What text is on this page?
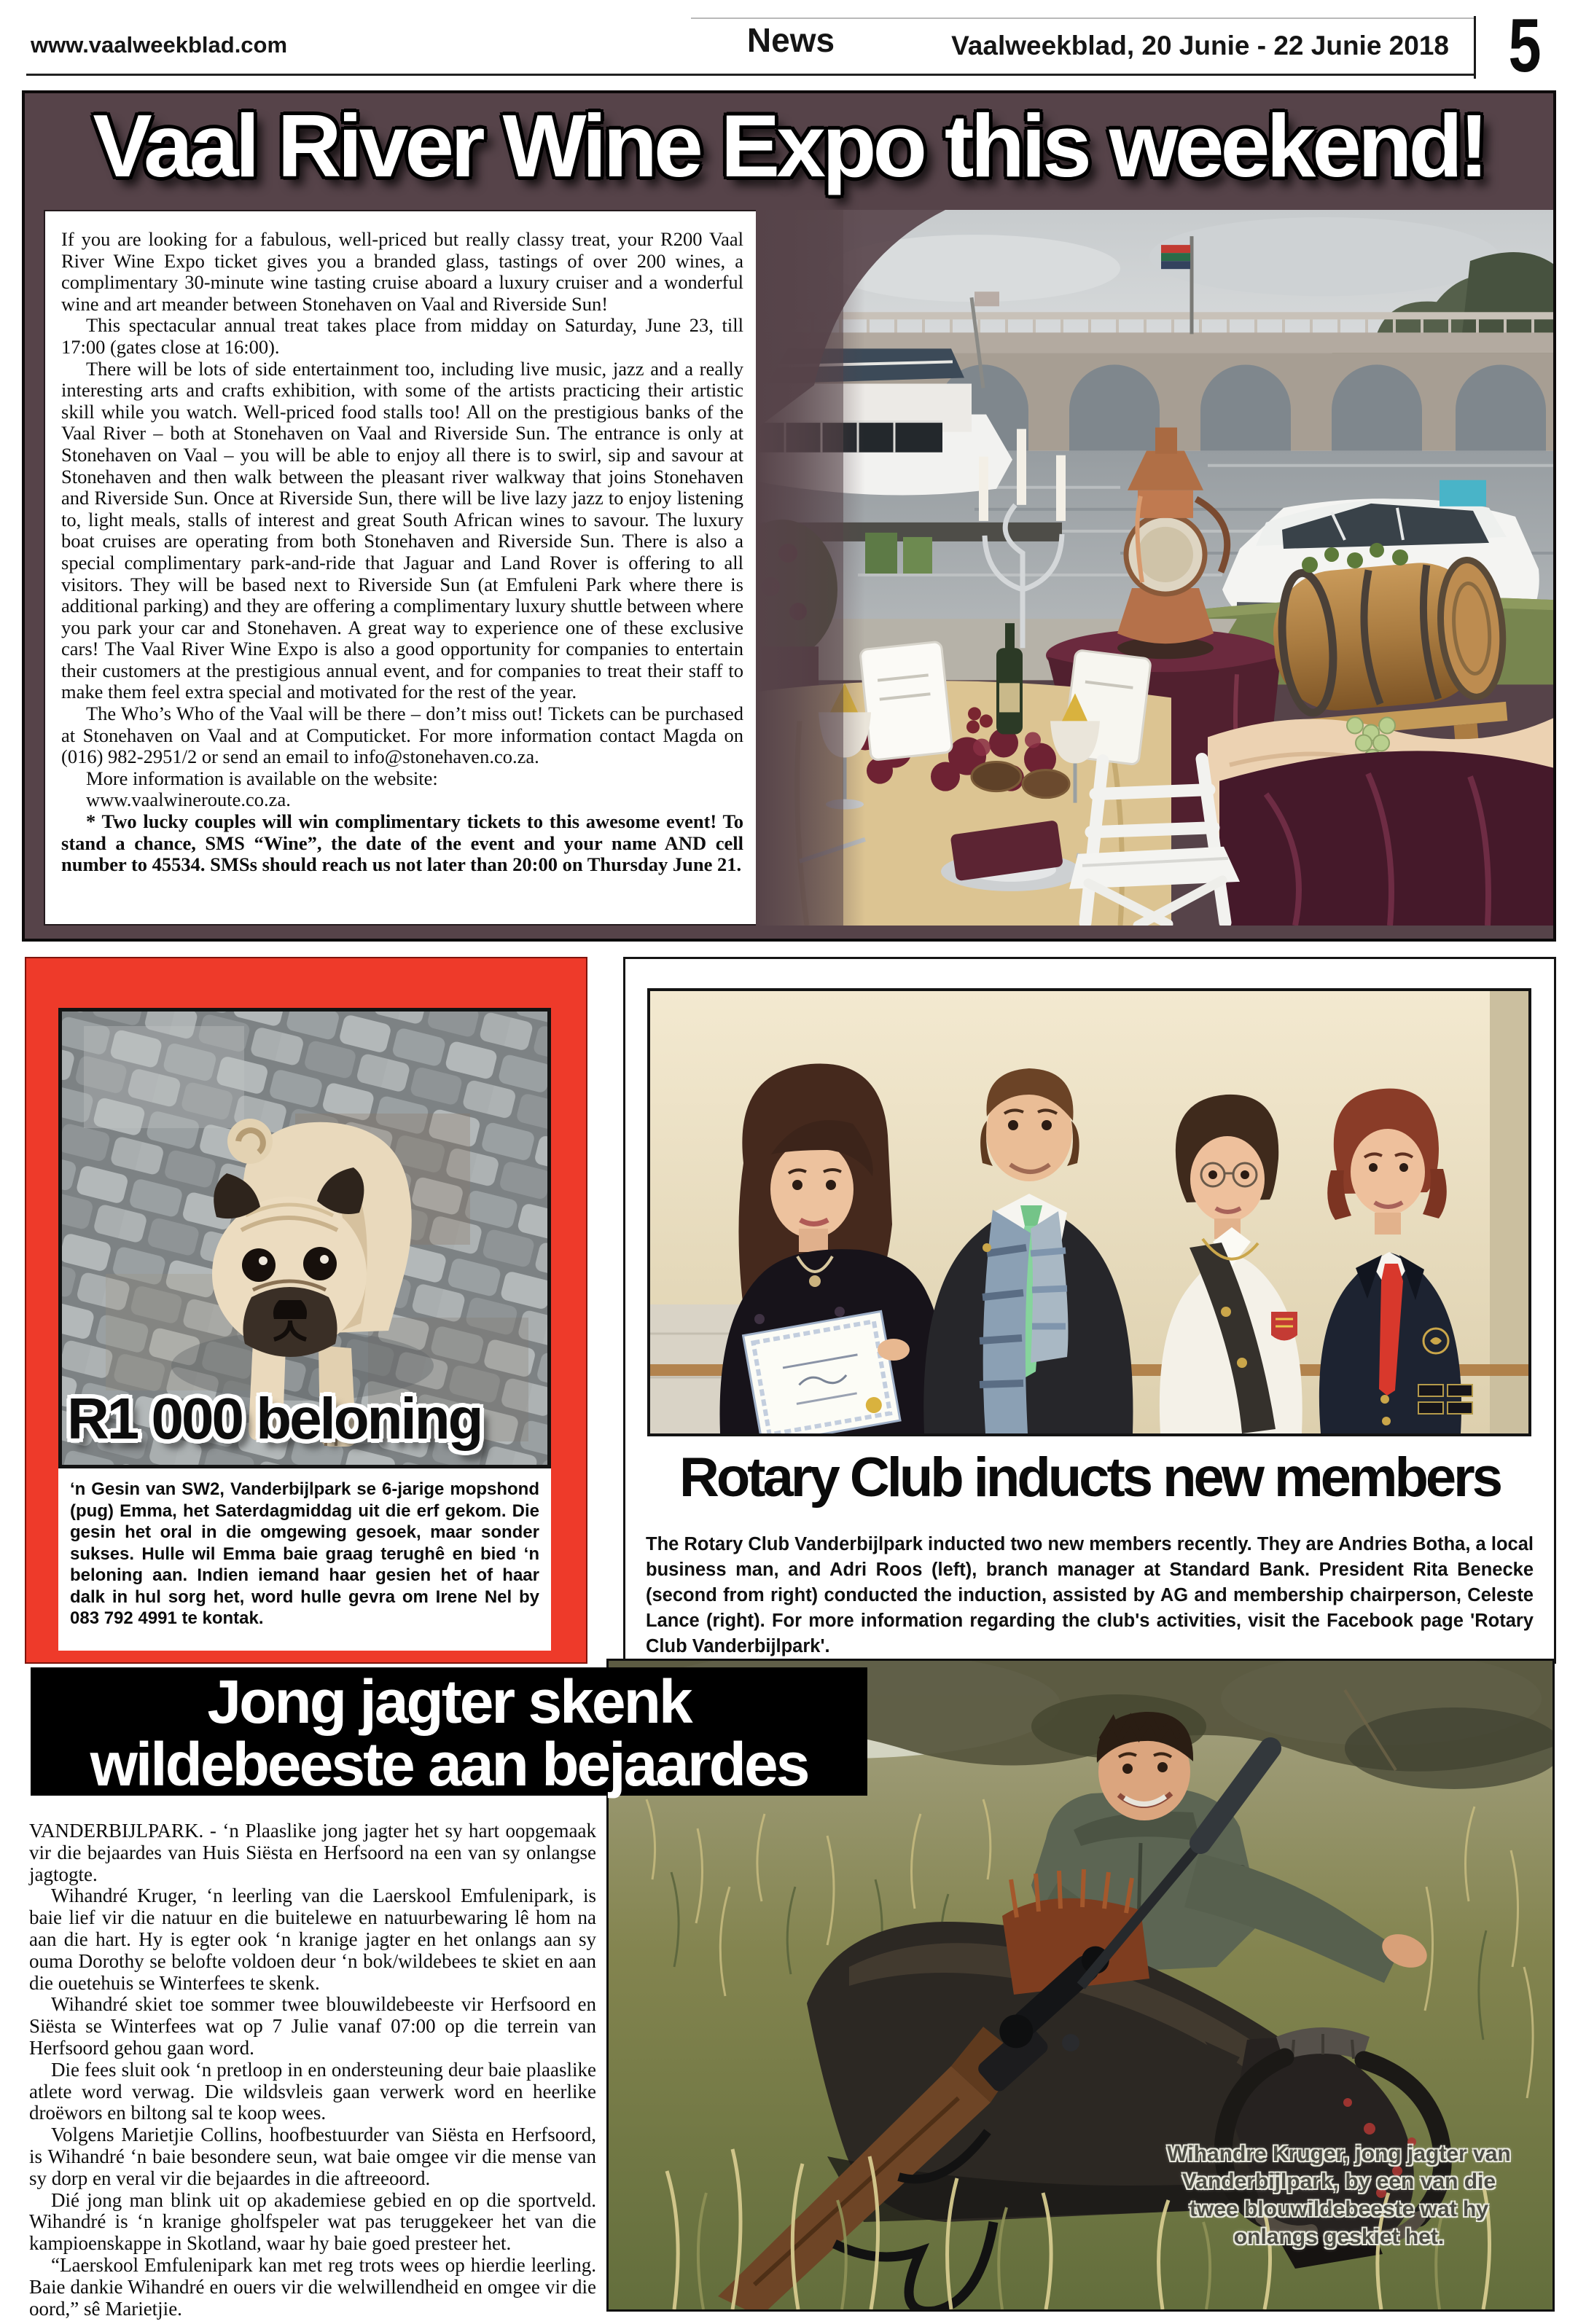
www.vaalweekblad.com	News	Vaalweekblad, 20 Junie - 22 Junie 2018 5
Vaal River Wine Expo this weekend!

If you are looking for a fabulous, well-priced but really classy treat, your R200 Vaal River Wine Expo ticket gives you a branded glass, tastings of over 200 wines, a complimentary 30-minute wine tasting cruise aboard a luxury cruiser and a wonderful wine and art meander between Stonehaven on Vaal and Riverside Sun!

This spectacular annual treat takes place from midday on Saturday, June 23, till 17:00 (gates close at 16:00).

There will be lots of side entertainment too, including live music, jazz and a really interesting arts and crafts exhibition, with some of the artists practicing their artistic skill while you watch. Well-priced food stalls too! All on the prestigious banks of the Vaal River – both at Stonehaven on Vaal and Riverside Sun. The entrance is only at Stonehaven on Vaal – you will be able to enjoy all there is to swirl, sip and savour at Stonehaven and then walk between the pleasant river walkway that joins Stonehaven and Riverside Sun. Once at Riverside Sun, there will be live lazy jazz to enjoy listening to, light meals, stalls of interest and great South African wines to savour. The luxury boat cruises are operating from both Stonehaven and Riverside Sun. There is also a special complimentary park-and-ride that Jaguar and Land Rover is offering to all visitors. They will be based next to Riverside Sun (at Emfuleni Park where there is additional parking) and they are offering a complimentary luxury shuttle between where you park your car and Stonehaven. A great way to experience one of these exclusive cars! The Vaal River Wine Expo is also a good opportunity for companies to entertain their customers at the prestigious annual event, and for companies to treat their staff to make them feel extra special and motivated for the rest of the year.

The Who’s Who of the Vaal will be there – don’t miss out! Tickets can be purchased at Stonehaven on Vaal and at Computicket. For more information contact Magda on (016) 982-2951/2 or send an email to info@stonehaven.co.za.

More information is available on the website:

www.vaalwineroute.co.za.

* Two lucky couples will win complimentary tickets to this awesome event! To stand a chance, SMS “Wine”, the date of the event and your name AND cell number to 45534. SMSs should reach us not later than 20:00 on Thursday June 21.

R1 000 beloning
‘n Gesin van SW2, Vanderbijlpark se 6-jarige mopshond (pug) Emma, het Saterdagmiddag uit die erf gekom. Die gesin het oral in die omgewing gesoek, maar sonder sukses. Hulle wil Emma baie graag terughê en bied ‘n beloning aan. Indien iemand haar gesien het of haar dalk in hul sorg het, word hulle gevra om Irene Nel by 083 792 4991 te kontak.
Rotary Club inducts new members
The Rotary Club Vanderbijlpark inducted two new members recently. They are Andries Botha, a local business man, and Adri Roos (left), branch manager at Standard Bank. President Rita Benecke (second from right) conducted the induction, assisted by AG and membership chairperson, Celeste Lance (right). For more information regarding the club's activities, visit the Facebook page 'Rotary Club Vanderbijlpark'.
Wihandre Kruger, jong jagter van Vanderbijlpark, by een van die twee blouwildebeeste wat hy onlangs geskiet het.
Jong jagter skenk
wildebeeste aan bejaardes

VANDERBIJLPARK. - ‘n Plaaslike jong jagter het sy hart oopgemaak vir die bejaardes van Huis Siësta en Herfsoord na een van sy onlangse jagtogte.

Wihandré Kruger, ‘n leerling van die Laerskool Emfulenipark, is baie lief vir die natuur en die buitelewe en natuurbewaring lê hom na aan die hart. Hy is egter ook ‘n kranige jagter en het onlangs aan sy ouma Dorothy se belofte voldoen deur ‘n bok/wildebees te skiet en aan die ouetehuis se Winterfees te skenk.

Wihandré skiet toe sommer twee blouwildebeeste vir Herfsoord en Siësta se Winterfees wat op 7 Julie vanaf 07:00 op die terrein van Herfsoord gehou gaan word.

Die fees sluit ook ‘n pretloop in en ondersteuning deur baie plaaslike atlete word verwag. Die wildsvleis gaan verwerk word en heerlike droëwors en biltong sal te koop wees.

Volgens Marietjie Collins, hoofbestuurder van Siësta en Herfsoord, is Wihandré ‘n baie besondere seun, wat baie omgee vir die mense van sy dorp en veral vir die bejaardes in die aftreeoord.

Dié jong man blink uit op akademiese gebied en op die sportveld. Wihandré is ‘n kranige gholfspeler wat pas teruggekeer het van die kampioenskappe in Skotland, waar hy baie goed presteer het.

“Laerskool Emfulenipark kan met reg trots wees op hierdie leerling. Baie dankie Wihandré en ouers vir die welwillendheid en omgee vir die oord,” sê Marietjie.
